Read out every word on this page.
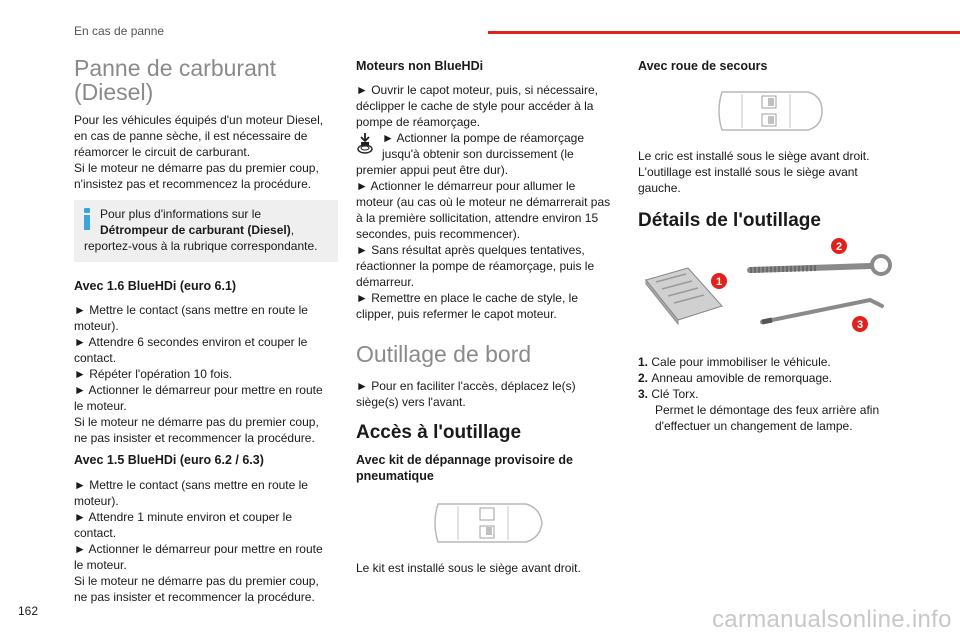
En cas de panne
Panne de carburant
(Diesel)
Pour les véhicules équipés d'un moteur Diesel,
en cas de panne sèche, il est nécessaire de
réamorcer le circuit de carburant.
Si le moteur ne démarre pas du premier coup,
n'insistez pas et recommencez la procédure.
Pour plus d'informations sur le
Détrompeur de carburant (Diesel),
reportez-vous à la rubrique correspondante.
Avec 1.6 BlueHDi (euro 6.1)
► Mettre le contact (sans mettre en route le
moteur).
► Attendre 6 secondes environ et couper le
contact.
► Répéter l'opération 10 fois.
► Actionner le démarreur pour mettre en route
le moteur.
Si le moteur ne démarre pas du premier coup,
ne pas insister et recommencer la procédure.
Avec 1.5 BlueHDi (euro 6.2 / 6.3)
► Mettre le contact (sans mettre en route le
moteur).
► Attendre 1 minute environ et couper le
contact.
► Actionner le démarreur pour mettre en route
le moteur.
Si le moteur ne démarre pas du premier coup,
ne pas insister et recommencer la procédure.
Moteurs non BlueHDi
► Ouvrir le capot moteur, puis, si nécessaire,
déclipper le cache de style pour accéder à la
pompe de réamorçage.
► Actionner la pompe de réamorçage
jusqu'à obtenir son durcissement (le
premier appui peut être dur).
► Actionner le démarreur pour allumer le
moteur (au cas où le moteur ne démarrerait pas
à la première sollicitation, attendre environ 15
secondes, puis recommencer).
► Sans résultat après quelques tentatives,
réactionner la pompe de réamorçage, puis le
démarreur.
► Remettre en place le cache de style, le
clipper, puis refermer le capot moteur.
Outillage de bord
► Pour en faciliter l'accès, déplacez le(s)
siège(s) vers l'avant.
Accès à l'outillage
Avec kit de dépannage provisoire de
pneumatique
Le kit est installé sous le siège avant droit.
Avec roue de secours
Le cric est installé sous le siège avant droit.
L'outillage est installé sous le siège avant
gauche.
Détails de l'outillage
1
2
3
1. Cale pour immobiliser le véhicule.
2. Anneau amovible de remorquage.
3. Clé Torx.
Permet le démontage des feux arrière afin
d'effectuer un changement de lampe.
162	carmanualsonline.info
